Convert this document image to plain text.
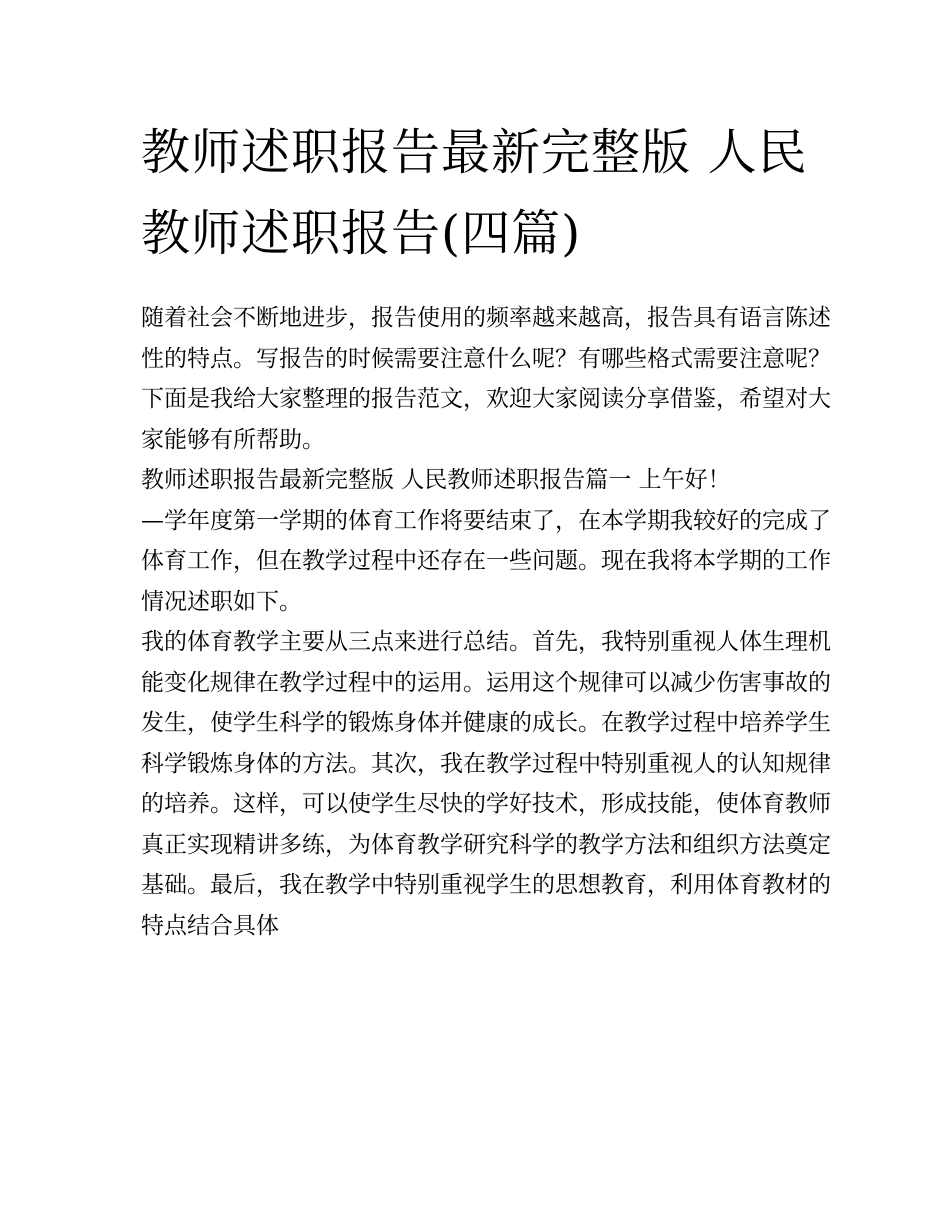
教师述职报告最新完整版 人民教师述职报告(四篇)

随着社会不断地进步，报告使用的频率越来越高，报告具有语言陈述性的特点。写报告的时候需要注意什么呢？有哪些格式需要注意呢？下面是我给大家整理的报告范文，欢迎大家阅读分享借鉴，希望对大家能够有所帮助。

教师述职报告最新完整版 人民教师述职报告篇一 上午好！

—学年度第一学期的体育工作将要结束了，在本学期我较好的完成了体育工作，但在教学过程中还存在一些问题。现在我将本学期的工作情况述职如下。

我的体育教学主要从三点来进行总结。首先，我特别重视人体生理机能变化规律在教学过程中的运用。运用这个规律可以减少伤害事故的发生，使学生科学的锻炼身体并健康的成长。在教学过程中培养学生科学锻炼身体的方法。其次，我在教学过程中特别重视人的认知规律的培养。这样，可以使学生尽快的学好技术，形成技能，使体育教师真正实现精讲多练，为体育教学研究科学的教学方法和组织方法奠定基础。最后，我在教学中特别重视学生的思想教育，利用体育教材的特点结合具体
